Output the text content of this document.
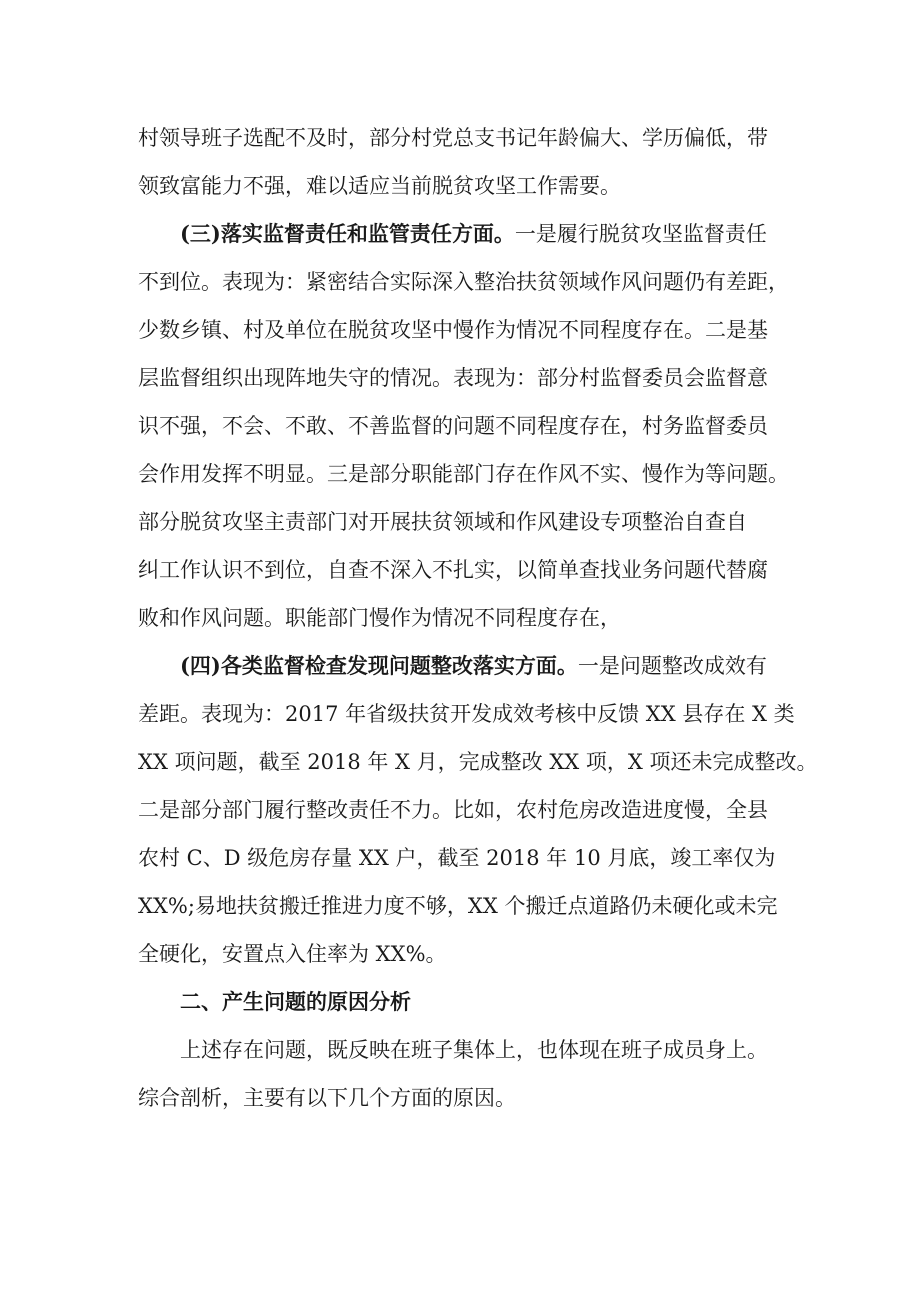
村领导班子选配不及时，部分村党总支书记年龄偏大、学历偏低，带
领致富能力不强，难以适应当前脱贫攻坚工作需要。
(三)落实监督责任和监管责任方面。一是履行脱贫攻坚监督责任
不到位。表现为：紧密结合实际深入整治扶贫领域作风问题仍有差距，
少数乡镇、村及单位在脱贫攻坚中慢作为情况不同程度存在。二是基
层监督组织出现阵地失守的情况。表现为：部分村监督委员会监督意
识不强，不会、不敢、不善监督的问题不同程度存在，村务监督委员
会作用发挥不明显。三是部分职能部门存在作风不实、慢作为等问题。
部分脱贫攻坚主责部门对开展扶贫领域和作风建设专项整治自查自
纠工作认识不到位，自查不深入不扎实，以简单查找业务问题代替腐
败和作风问题。职能部门慢作为情况不同程度存在，
(四)各类监督检查发现问题整改落实方面。一是问题整改成效有
差距。表现为：2017 年省级扶贫开发成效考核中反馈 XX 县存在 X 类
XX 项问题，截至 2018 年 X 月，完成整改 XX 项，X 项还未完成整改。
二是部分部门履行整改责任不力。比如，农村危房改造进度慢，全县
农村 C、D 级危房存量 XX 户，截至 2018 年 10 月底，竣工率仅为
XX%;易地扶贫搬迁推进力度不够，XX 个搬迁点道路仍未硬化或未完
全硬化，安置点入住率为 XX%。
二、产生问题的原因分析
上述存在问题，既反映在班子集体上，也体现在班子成员身上。
综合剖析，主要有以下几个方面的原因。
